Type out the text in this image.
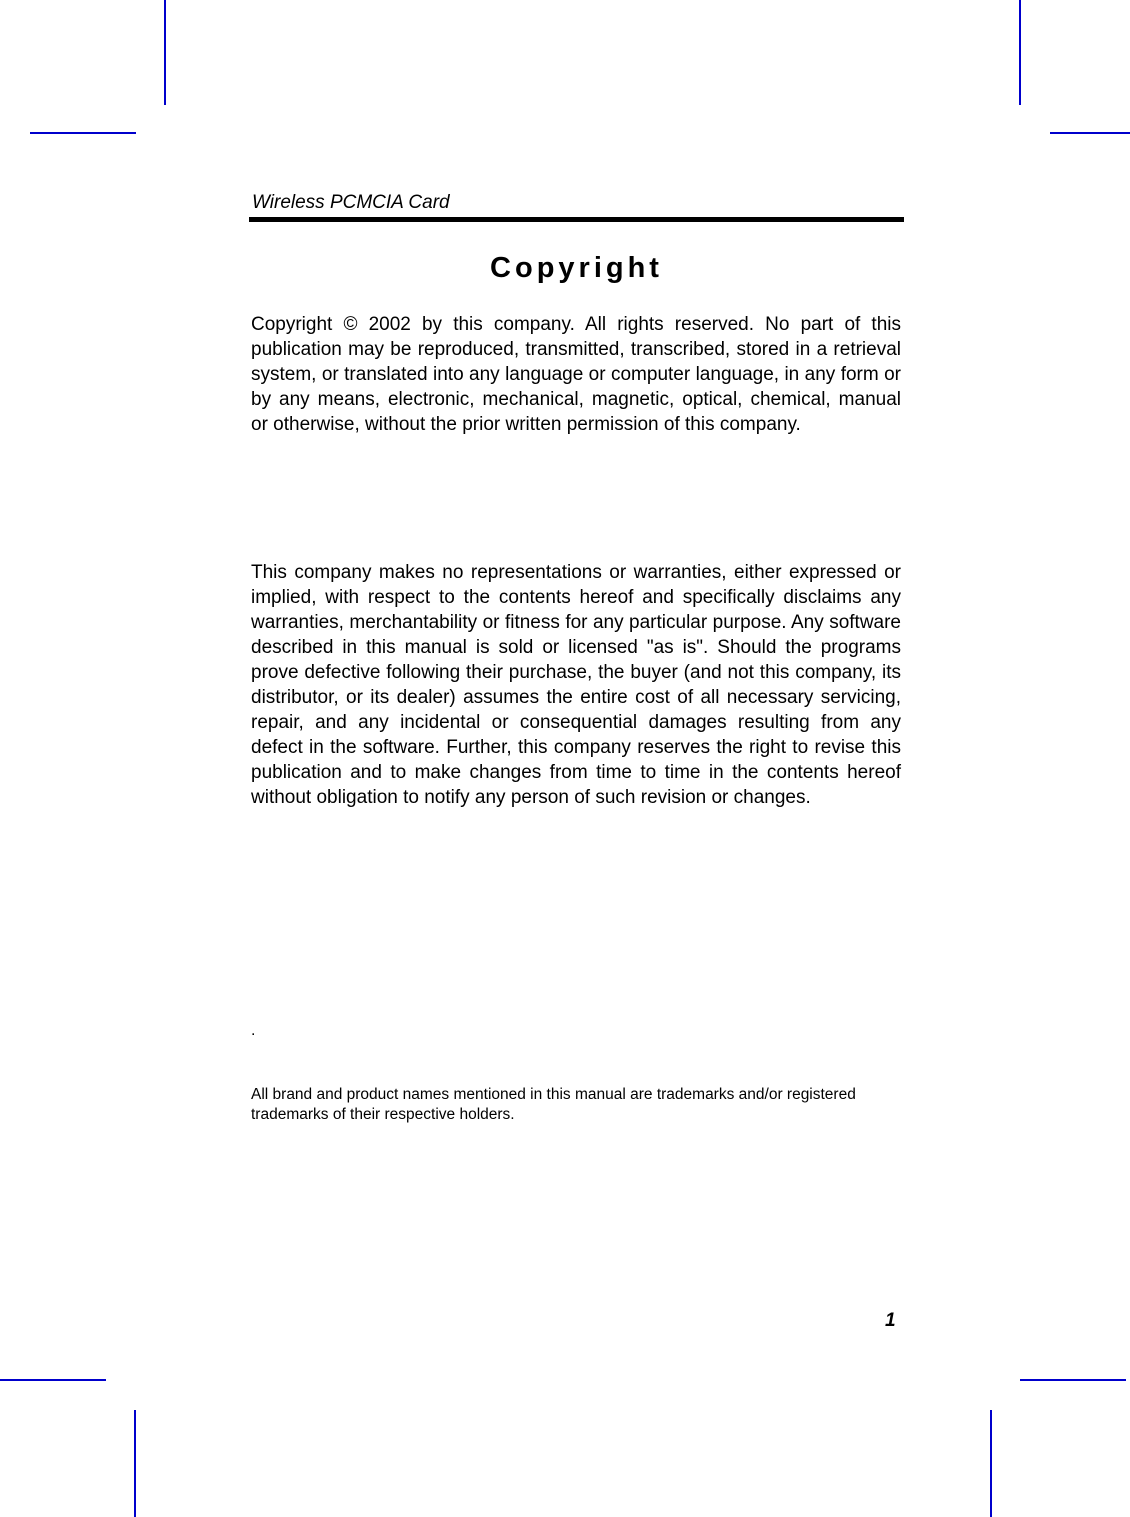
Wireless PCMCIA Card
Copyright
Copyright © 2002 by this company. All rights reserved. No part of this publication may be reproduced, transmitted, transcribed, stored in a retrieval system, or translated into any language or computer language, in any form or by any means, electronic, mechanical, magnetic, optical, chemical, manual or otherwise, without the prior written permission of this company.
This company makes no representations or warranties, either expressed or implied, with respect to the contents hereof and specifically disclaims any warranties, merchantability or fitness for any particular purpose. Any software described in this manual is sold or licensed "as is". Should the programs prove defective following their purchase, the buyer (and not this company, its distributor, or its dealer) assumes the entire cost of all necessary servicing, repair, and any incidental or consequential damages resulting from any defect in the software. Further, this company reserves the right to revise this publication and to make changes from time to time in the contents hereof without obligation to notify any person of such revision or changes.
.
All brand and product names mentioned in this manual are trademarks and/or registered trademarks of their respective holders.
1
